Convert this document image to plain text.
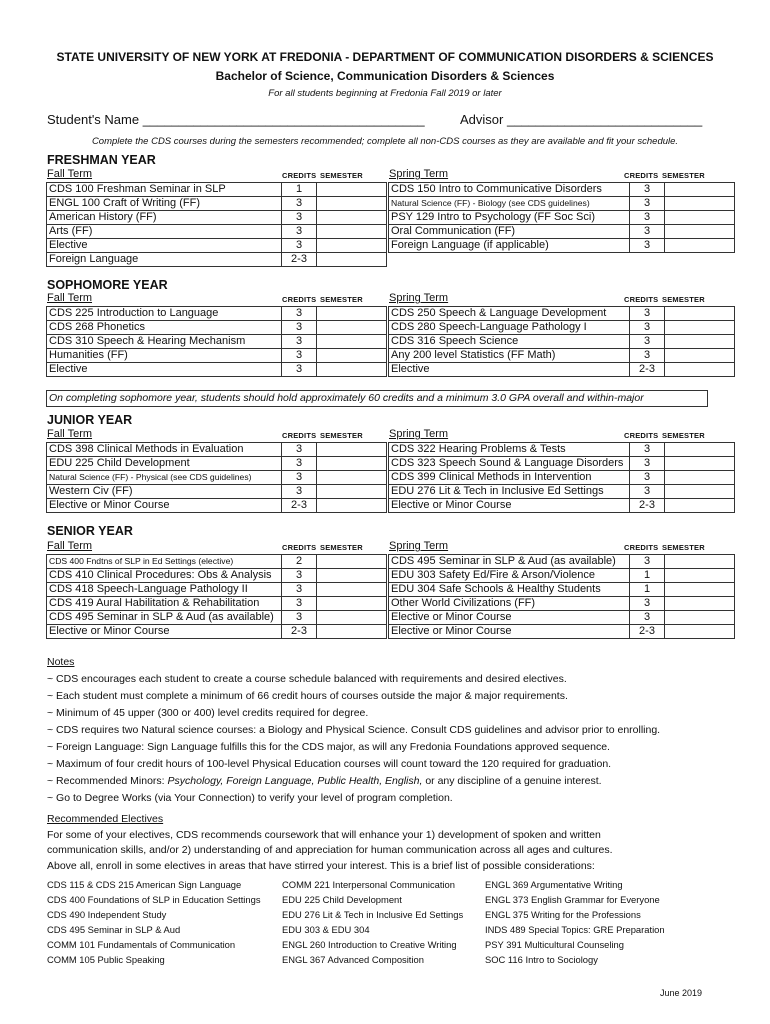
STATE UNIVERSITY OF NEW YORK AT FREDONIA - DEPARTMENT OF COMMUNICATION DISORDERS & SCIENCES
Bachelor of Science, Communication Disorders & Sciences
For all students beginning at Fredonia Fall 2019 or later
Student's Name _______________________________________	Advisor ___________________________
Complete the CDS courses during the semesters recommended; complete all non-CDS courses as they are available and fit your schedule.
FRESHMAN YEAR
Fall Term	CREDITS SEMESTER
CDS 100 Freshman Seminar in SLP	1	
ENGL 100 Craft of Writing (FF)	3	
American History (FF)	3	
Arts (FF)	3	
Elective	3	
Foreign Language	2-3	
Spring Term	CREDITS SEMESTER
CDS 150 Intro to Communicative Disorders	3	
Natural Science (FF) - Biology (see CDS guidelines)	3	
PSY 129 Intro to Psychology (FF Soc Sci)	3	
Oral Communication (FF)	3	
Foreign Language (if applicable)	3	
SOPHOMORE YEAR
Fall Term	CREDITS SEMESTER
CDS 225 Introduction to Language	3	
CDS 268 Phonetics	3	
CDS 310 Speech & Hearing Mechanism	3	
Humanities (FF)	3	
Elective	3	
Spring Term	CREDITS SEMESTER
CDS 250 Speech & Language Development	3	
CDS 280 Speech-Language Pathology I	3	
CDS 316 Speech Science	3	
Any 200 level Statistics (FF Math)	3	
Elective	2-3	
JUNIOR YEAR
Fall Term	CREDITS SEMESTER
CDS 398 Clinical Methods in Evaluation	3	
EDU 225 Child Development	3	
Natural Science (FF) - Physical (see CDS guidelines)	3	
Western Civ (FF)	3	
Elective or Minor Course	2-3	
Spring Term	CREDITS SEMESTER
CDS 322 Hearing Problems & Tests	3	
CDS 323 Speech Sound & Language Disorders	3	
CDS 399 Clinical Methods in Intervention	3	
EDU 276 Lit & Tech in Inclusive Ed Settings	3	
Elective or Minor Course	2-3	
SENIOR YEAR
Fall Term	CREDITS SEMESTER
CDS 400 Fndtns of SLP in Ed Settings (elective)	2	
CDS 410 Clinical Procedures: Obs & Analysis	3	
CDS 418 Speech-Language Pathology II	3	
CDS 419 Aural Habilitation & Rehabilitation	3	
CDS 495 Seminar in SLP & Aud (as available)	3	
Elective or Minor Course	2-3	
Spring Term	CREDITS SEMESTER
CDS 495 Seminar in SLP & Aud (as available)	3	
EDU 303 Safety Ed/Fire & Arson/Violence	1	
EDU 304 Safe Schools & Healthy Students	1	
Other World Civilizations (FF)	3	
Elective or Minor Course	3	
Elective or Minor Course	2-3	
On completing sophomore year, students should hold approximately 60 credits and a minimum 3.0 GPA overall and within-major
Notes
~ CDS encourages each student to create a course schedule balanced with requirements and desired electives.
~ Each student must complete a minimum of 66 credit hours of courses outside the major & major requirements.
~ Minimum of 45 upper (300 or 400) level credits required for degree.
~ CDS requires two Natural science courses: a Biology and Physical Science. Consult CDS guidelines and advisor prior to enrolling.
~ Foreign Language: Sign Language fulfills this for the CDS major, as will any Fredonia Foundations approved sequence.
~ Maximum of four credit hours of 100-level Physical Education courses will count toward the 120 required for graduation.
~ Recommended Minors: Psychology, Foreign Language, Public Health, English, or any discipline of a genuine interest.
~ Go to Degree Works (via Your Connection) to verify your level of program completion.
Recommended Electives
For some of your electives, CDS recommends coursework that will enhance your 1) development of spoken and written
communication skills, and/or 2) understanding of and appreciation for human communication across all ages and cultures.
Above all, enroll in some electives in areas that have stirred your interest. This is a brief list of possible considerations:
CDS 115 & CDS 215 American Sign Language
CDS 400 Foundations of SLP in Education Settings
CDS 490 Independent Study
CDS 495 Seminar in SLP & Aud
COMM 101 Fundamentals of Communication
COMM 105 Public Speaking
COMM 221 Interpersonal Communication
EDU 225 Child Development
EDU 276 Lit & Tech in Inclusive Ed Settings
EDU 303 & EDU 304
ENGL 260 Introduction to Creative Writing
ENGL 367 Advanced Composition
ENGL 369 Argumentative Writing
ENGL 373 English Grammar for Everyone
ENGL 375 Writing for the Professions
INDS 489 Special Topics: GRE Preparation
PSY 391 Multicultural Counseling
SOC 116 Intro to Sociology
June 2019
